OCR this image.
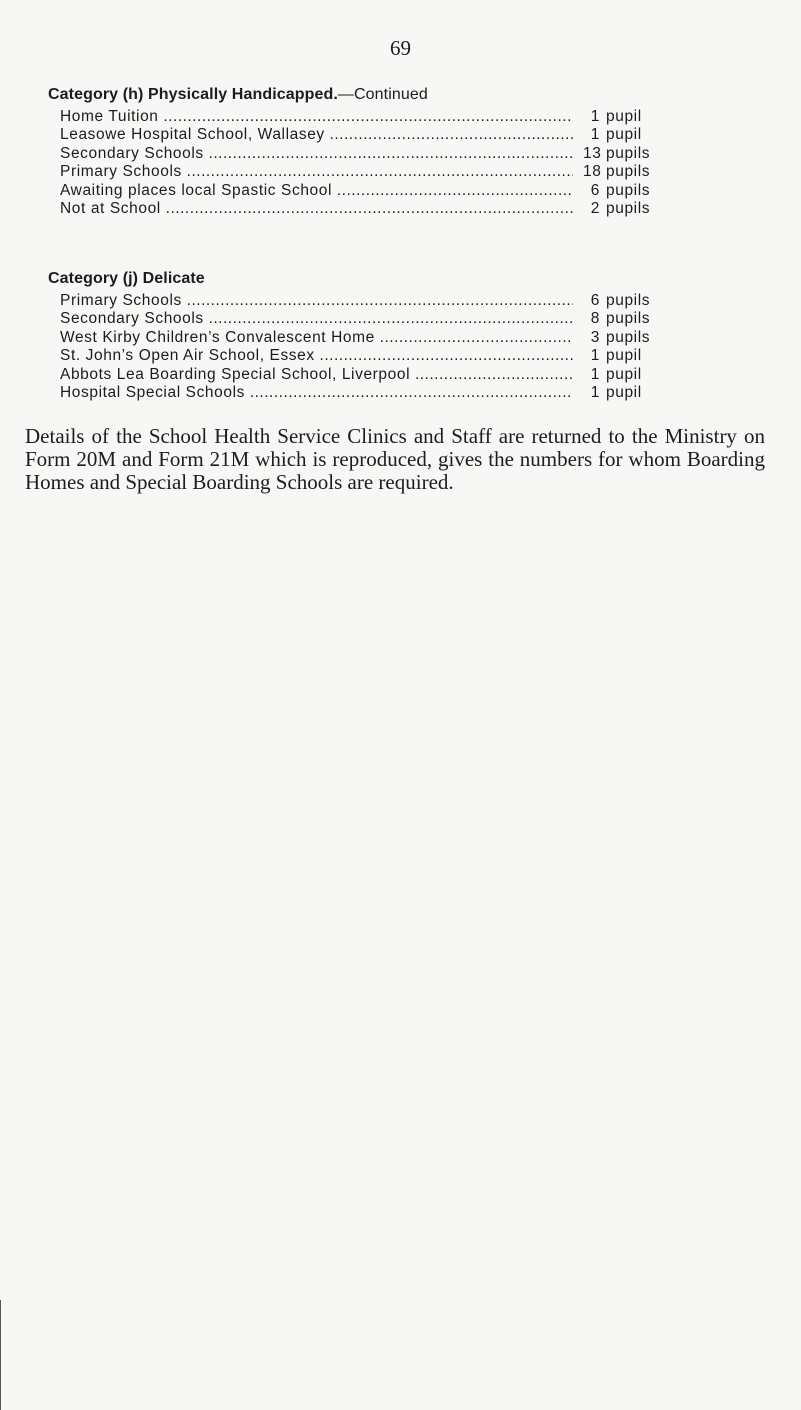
69
Category (h) Physically Handicapped.—Continued
Home Tuition .....	1 pupil
Leasowe Hospital School, Wallasey .....	1 pupil
Secondary Schools .....	13 pupils
Primary Schools .....	18 pupils
Awaiting places local Spastic School .....	6 pupils
Not at School .....	2 pupils
Category (j) Delicate
Primary Schools .....	6 pupils
Secondary Schools .....	8 pupils
West Kirby Children’s Convalescent Home .....	3 pupils
St. John’s Open Air School, Essex .....	1 pupil
Abbots Lea Boarding Special School, Liverpool .....	1 pupil
Hospital Special Schools .....	1 pupil

Details of the School Health Service Clinics and Staff are returned to the Ministry on Form 20M and Form 21M which is reproduced, gives the numbers for whom Boarding Homes and Special Boarding Schools are required.
